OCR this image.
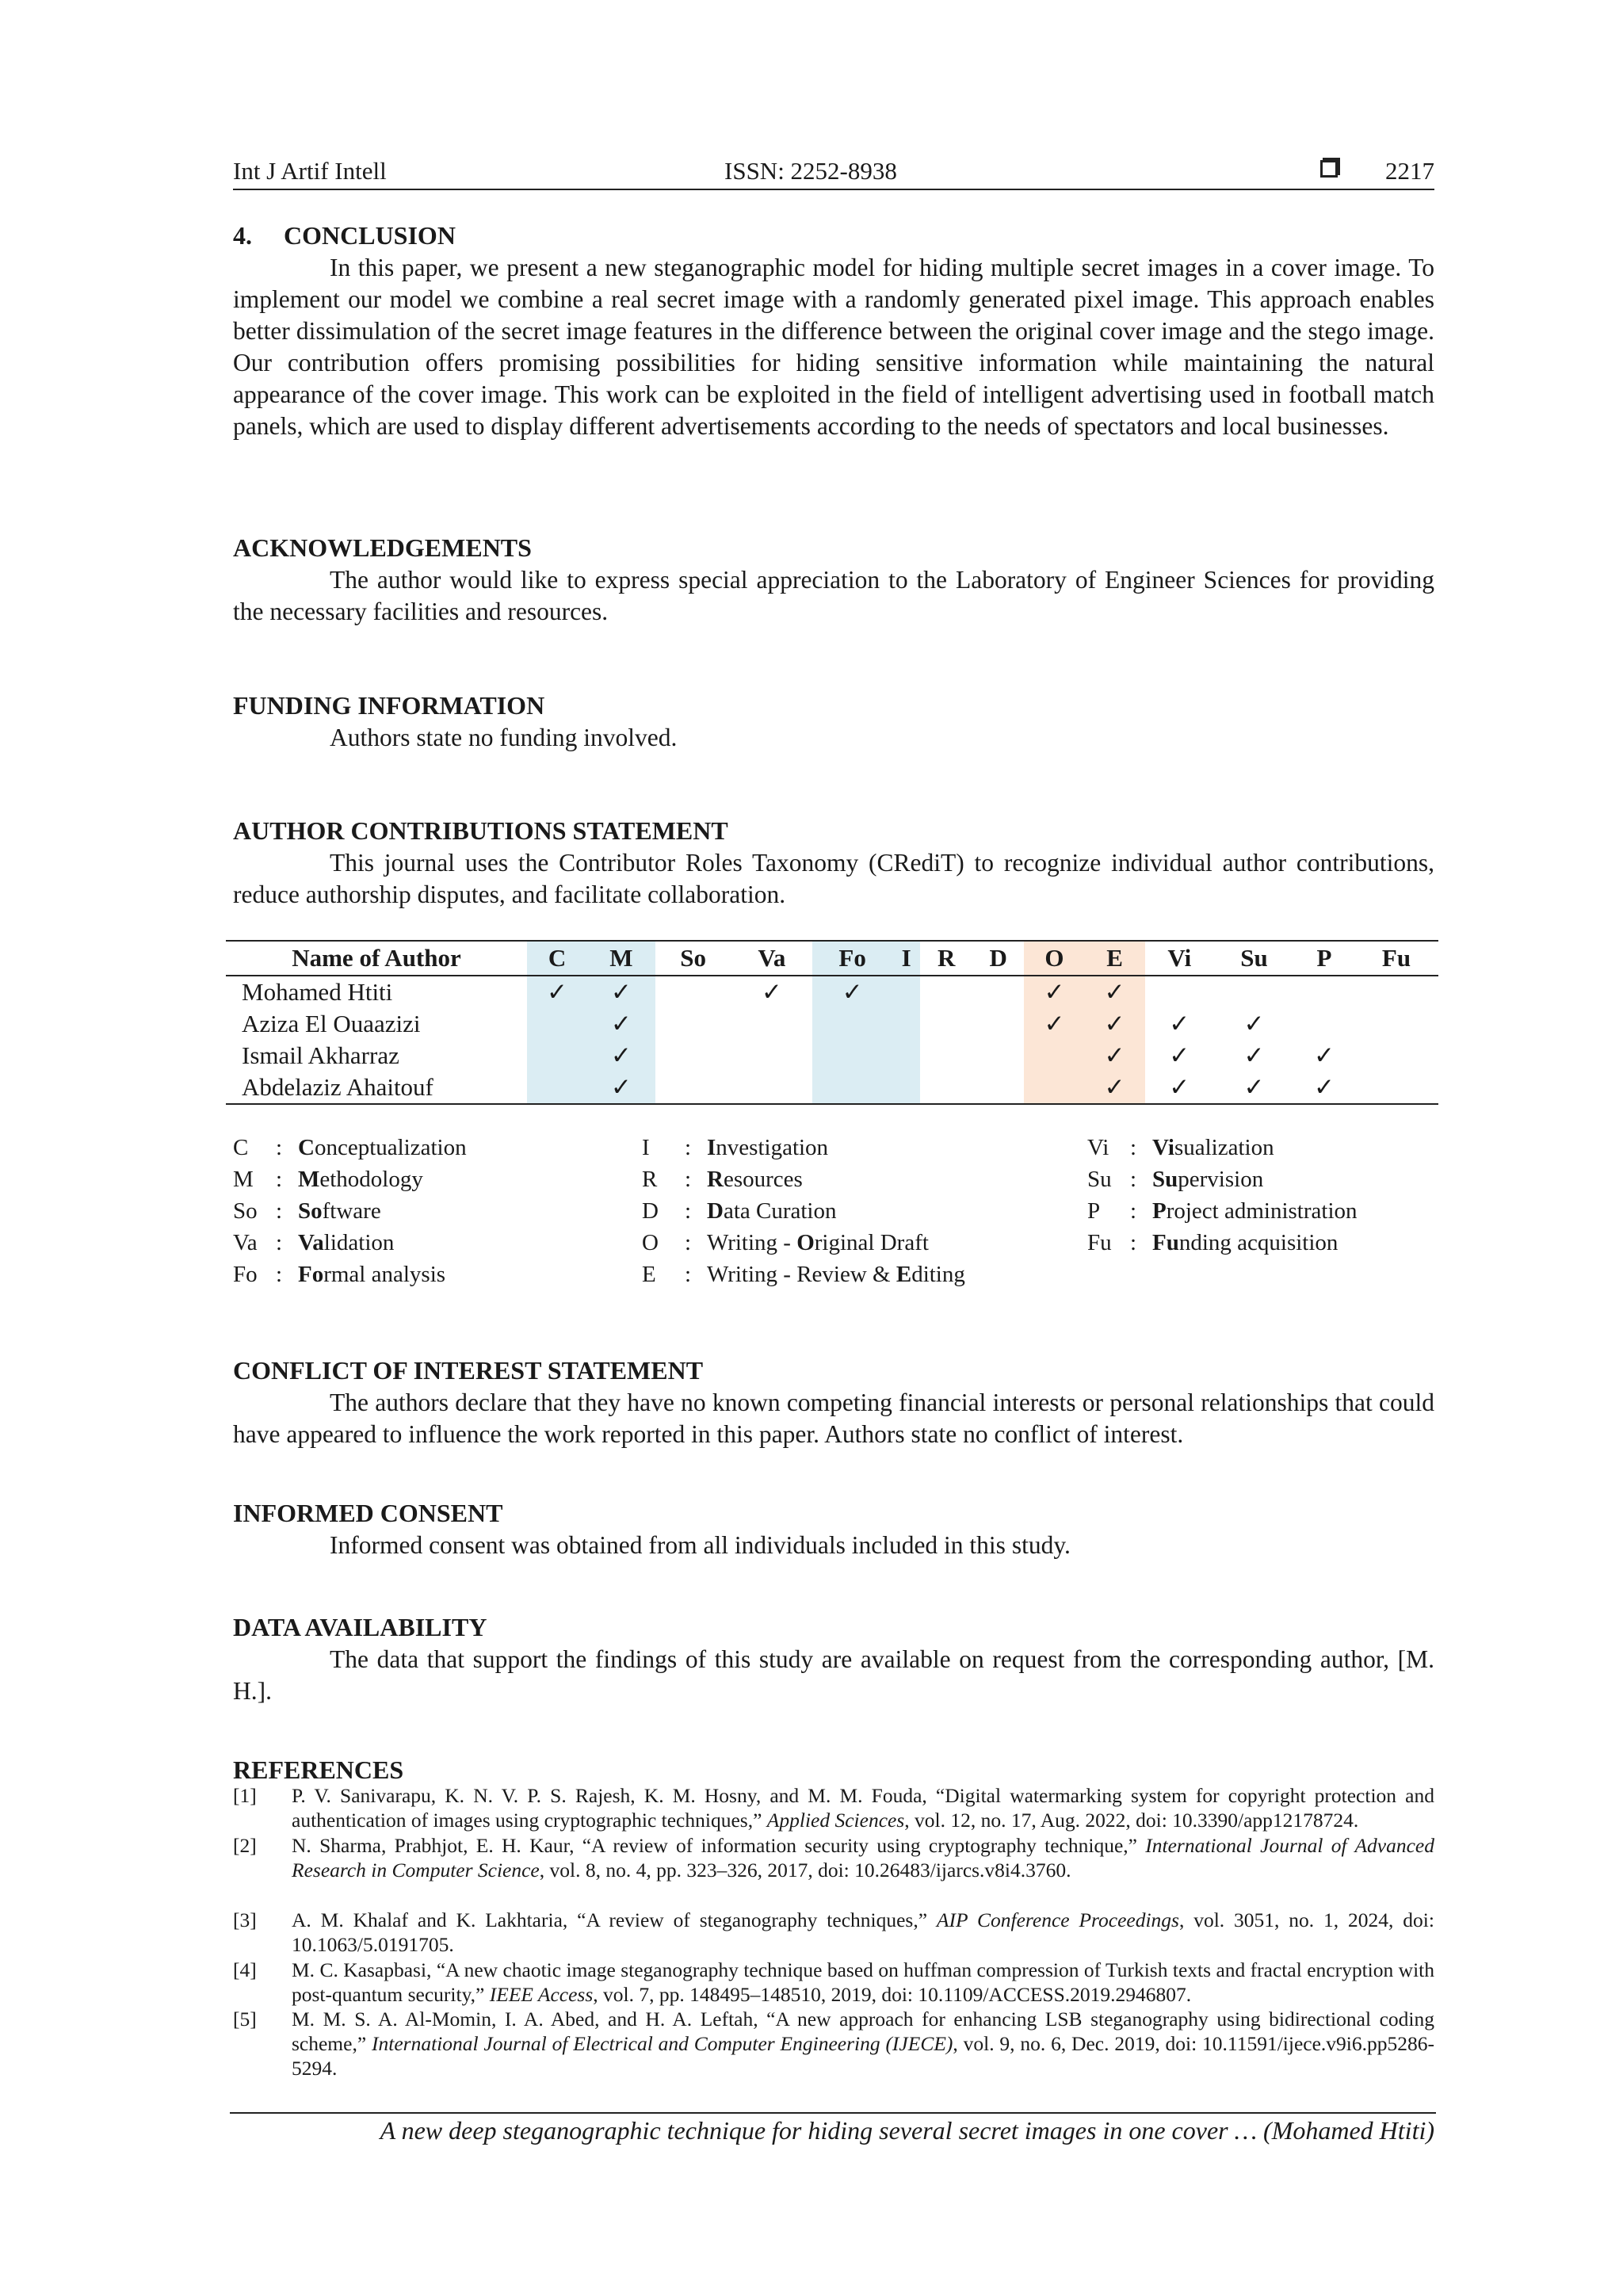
Int J Artif Intell	ISSN: 2252-8938	2217
4.     CONCLUSION

In this paper, we present a new steganographic model for hiding multiple secret images in a cover image. To implement our model we combine a real secret image with a randomly generated pixel image. This approach enables better dissimulation of the secret image features in the difference between the original cover image and the stego image. Our contribution offers promising possibilities for hiding sensitive information while maintaining the natural appearance of the cover image. This work can be exploited in the field of intelligent advertising used in football match panels, which are used to display different advertisements according to the needs of spectators and local businesses.

ACKNOWLEDGEMENTS

The author would like to express special appreciation to the Laboratory of Engineer Sciences for providing the necessary facilities and resources.

FUNDING INFORMATION

Authors state no funding involved.

AUTHOR CONTRIBUTIONS STATEMENT

This journal uses the Contributor Roles Taxonomy (CRediT) to recognize individual author contributions, reduce authorship disputes, and facilitate collaboration.

Name of Author	C	M	So	Va	Fo	I	R	D	O	E	Vi	Su	P	Fu
Mohamed Htiti	✓	✓		✓	✓				✓	✓				
Aziza El Ouaazizi		✓							✓	✓	✓	✓		
Ismail Akharraz		✓								✓	✓	✓	✓	
Abdelaziz Ahaitouf		✓								✓	✓	✓	✓	
C : Conceptualization
M : Methodology
So : Software
Va : Validation
Fo : Formal analysis
I : Investigation
R : Resources
D : Data Curation
O : Writing - Original Draft
E : Writing - Review & Editing
Vi : Visualization
Su : Supervision
P : Project administration
Fu : Funding acquisition
CONFLICT OF INTEREST STATEMENT

The authors declare that they have no known competing financial interests or personal relationships that could have appeared to influence the work reported in this paper. Authors state no conflict of interest.

INFORMED CONSENT

Informed consent was obtained from all individuals included in this study.

DATA AVAILABILITY

The data that support the findings of this study are available on request from the corresponding author, [M. H.].

REFERENCES
[1] P. V. Sanivarapu, K. N. V. P. S. Rajesh, K. M. Hosny, and M. M. Fouda, “Digital watermarking system for copyright protection and authentication of images using cryptographic techniques,” Applied Sciences, vol. 12, no. 17, Aug. 2022, doi: 10.3390/app12178724.
[2] N. Sharma, Prabhjot, E. H. Kaur, “A review of information security using cryptography technique,” International Journal of Advanced Research in Computer Science, vol. 8, no. 4, pp. 323–326, 2017, doi: 10.26483/ijarcs.v8i4.3760.
[3] A. M. Khalaf and K. Lakhtaria, “A review of steganography techniques,” AIP Conference Proceedings, vol. 3051, no. 1, 2024, doi: 10.1063/5.0191705.
[4] M. C. Kasapbasi, “A new chaotic image steganography technique based on huffman compression of Turkish texts and fractal encryption with post-quantum security,” IEEE Access, vol. 7, pp. 148495–148510, 2019, doi: 10.1109/ACCESS.2019.2946807.
[5] M. M. S. A. Al-Momin, I. A. Abed, and H. A. Leftah, “A new approach for enhancing LSB steganography using bidirectional coding scheme,” International Journal of Electrical and Computer Engineering (IJECE), vol. 9, no. 6, Dec. 2019, doi: 10.11591/ijece.v9i6.pp5286-5294.
A new deep steganographic technique for hiding several secret images in one cover … (Mohamed Htiti)
